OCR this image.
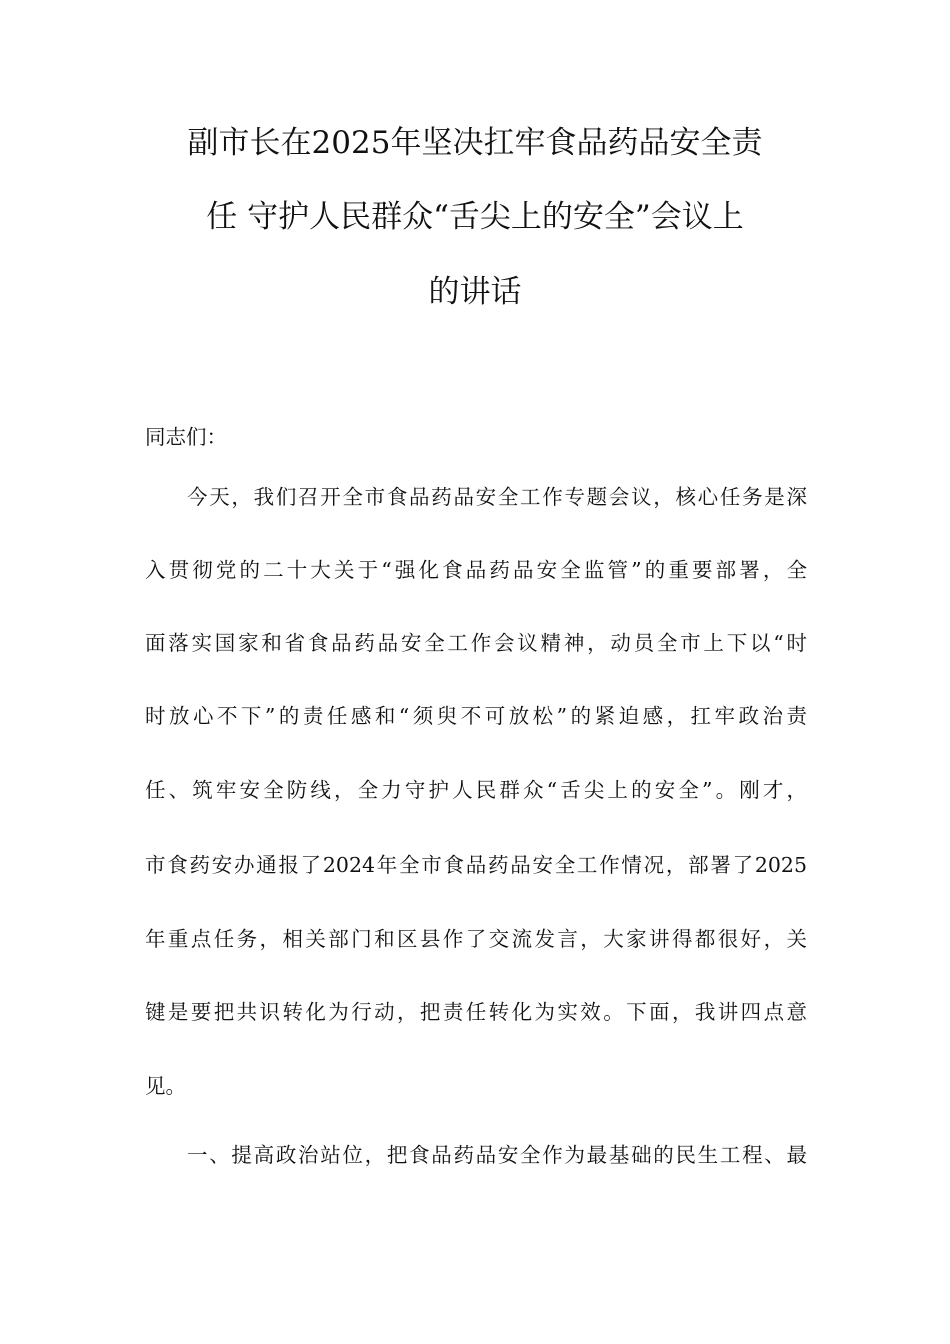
副市长在2025年坚决扛牢食品药品安全责
任 守护人民群众“舌尖上的安全”会议上
的讲话
同志们：
今天，我们召开全市食品药品安全工作专题会议，核心任务是深
入贯彻党的二十大关于“强化食品药品安全监管”的重要部署，全
面落实国家和省食品药品安全工作会议精神，动员全市上下以“时
时放心不下”的责任感和“须臾不可放松”的紧迫感，扛牢政治责
任、筑牢安全防线，全力守护人民群众“舌尖上的安全”。刚才，
市食药安办通报了2024年全市食品药品安全工作情况，部署了2025
年重点任务，相关部门和区县作了交流发言，大家讲得都很好，关
键是要把共识转化为行动，把责任转化为实效。下面，我讲四点意
见。
一、提高政治站位，把食品药品安全作为最基础的民生工程、最
